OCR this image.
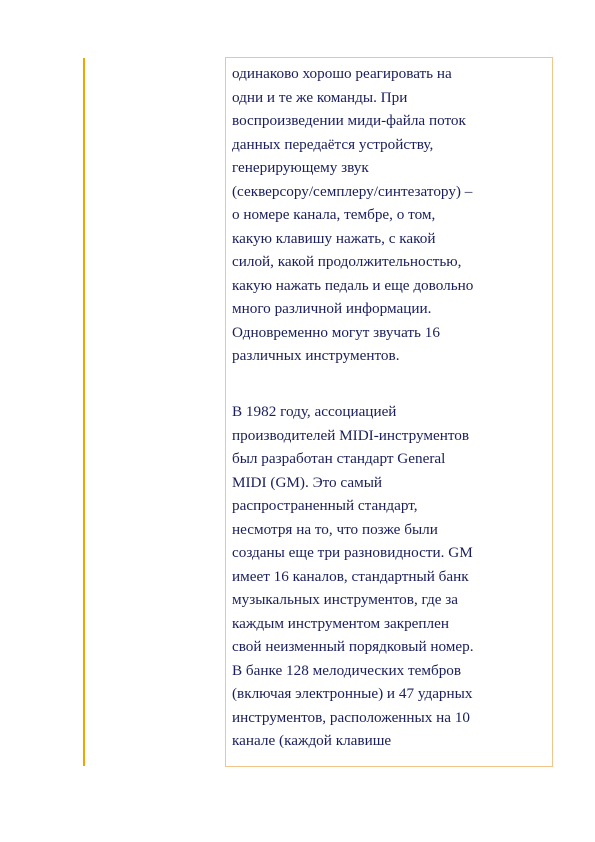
одинаково хорошо реагировать на
одни и те же команды. При
воспроизведении миди-файла поток
данных передаётся устройству,
генерирующему звук
(секверсору/семплеру/синтезатору) –
о номере канала, тембре, о том,
какую клавишу нажать, с какой
силой, какой продолжительностью,
какую нажать педаль и еще довольно
много различной информации.
Одновременно могут звучать 16
различных инструментов.

В 1982 году, ассоциацией
производителей MIDI-инструментов
был разработан стандарт General
MIDI (GM). Это самый
распространенный стандарт,
несмотря на то, что позже были
созданы еще три разновидности. GM
имеет 16 каналов, стандартный банк
музыкальных инструментов, где за
каждым инструментом закреплен
свой неизменный порядковый номер.
В банке 128 мелодических тембров
(включая электронные) и 47 ударных
инструментов, расположенных на 10
канале (каждой клавише
